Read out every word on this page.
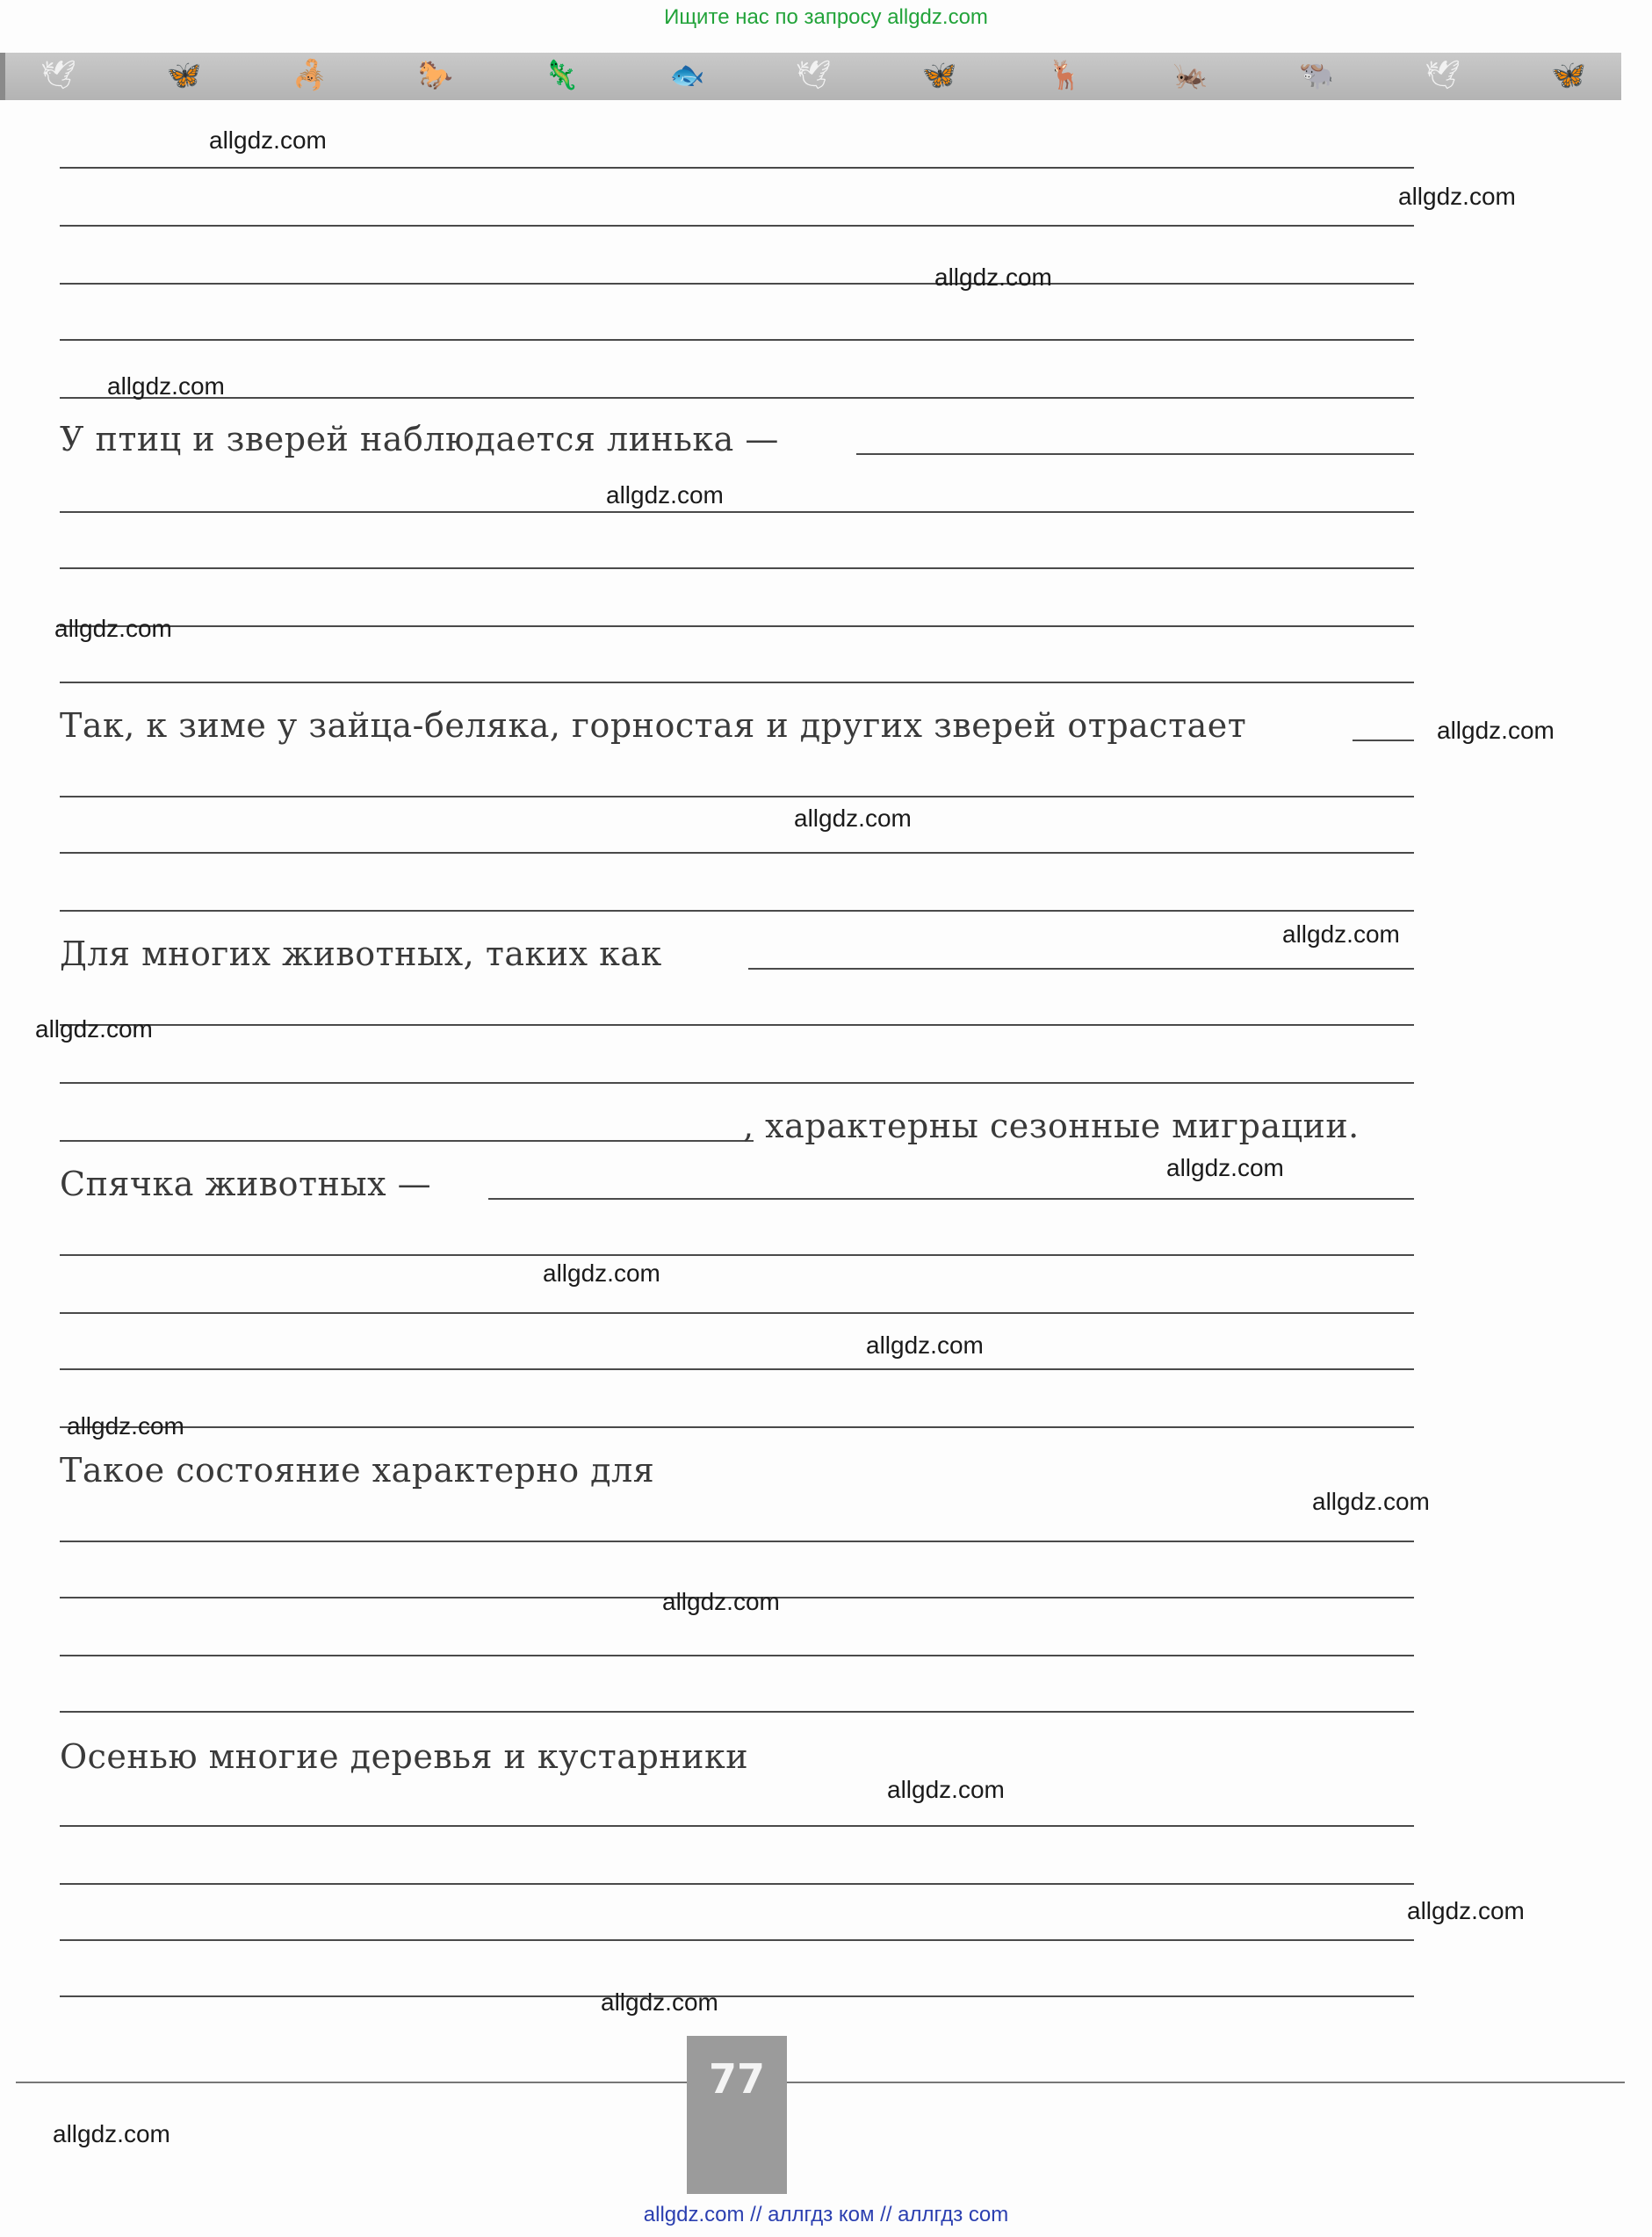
Ищите нас по запросу allgdz.com
🕊	🦋	🦂	🐎	🦎	🐟	🕊	🦋	🦌	🦗	🐃	🕊	🦋
У птиц и зверей наблюдается линька —
Так, к зиме у зайца-беляка, горностая и других зверей отрастает
Для многих животных, таких как
, характерны сезонные миграции.
Спячка животных —
Такое состояние характерно для
Осенью многие деревья и кустарники
allgdz.com
allgdz.com
allgdz.com
allgdz.com
allgdz.com
allgdz.com
allgdz.com
allgdz.com
allgdz.com
allgdz.com
allgdz.com
allgdz.com
allgdz.com
allgdz.com
allgdz.com
allgdz.com
allgdz.com
allgdz.com
allgdz.com
allgdz.com
77
allgdz.com // аллгдз ком // аллгдз com
